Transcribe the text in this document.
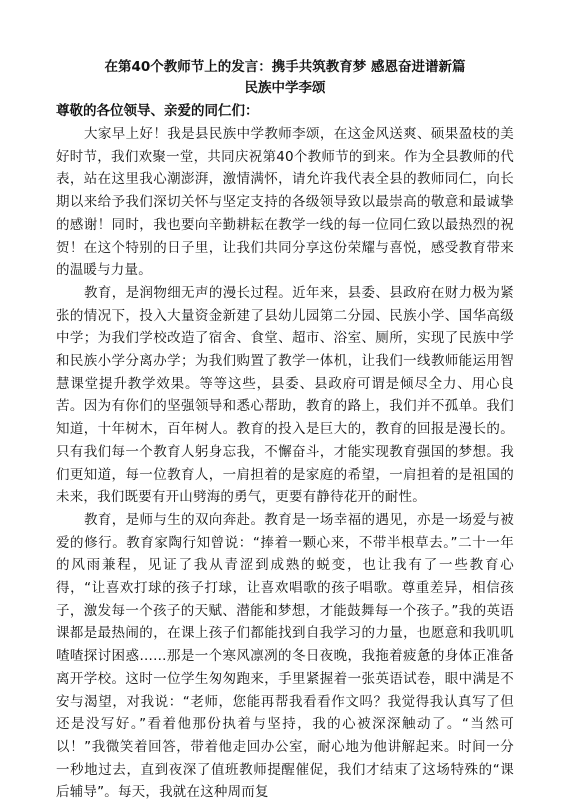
在第40个教师节上的发言：携手共筑教育梦 感恩奋进谱新篇
民族中学李颂
尊敬的各位领导、亲爱的同仁们：

大家早上好！我是县民族中学教师李颂，在这金风送爽、硕果盈枝的美好时节，我们欢聚一堂，共同庆祝第40个教师节的到来。作为全县教师的代表，站在这里我心潮澎湃，激情满怀，请允许我代表全县的教师同仁，向长期以来给予我们深切关怀与坚定支持的各级领导致以最崇高的敬意和最诚挚的感谢！同时，我也要向辛勤耕耘在教学一线的每一位同仁致以最热烈的祝贺！在这个特别的日子里，让我们共同分享这份荣耀与喜悦，感受教育带来的温暖与力量。

教育，是润物细无声的漫长过程。近年来，县委、县政府在财力极为紧张的情况下，投入大量资金新建了县幼儿园第二分园、民族小学、国华高级中学；为我们学校改造了宿舍、食堂、超市、浴室、厕所，实现了民族中学和民族小学分离办学；为我们购置了教学一体机，让我们一线教师能运用智慧课堂提升教学效果。等等这些，县委、县政府可谓是倾尽全力、用心良苦。因为有你们的坚强领导和悉心帮助，教育的路上，我们并不孤单。我们知道，十年树木，百年树人。教育的投入是巨大的，教育的回报是漫长的。只有我们每一个教育人躬身忘我，不懈奋斗，才能实现教育强国的梦想。我们更知道，每一位教育人，一肩担着的是家庭的希望，一肩担着的是祖国的未来，我们既要有开山劈海的勇气，更要有静待花开的耐性。

教育，是师与生的双向奔赴。教育是一场幸福的遇见，亦是一场爱与被爱的修行。教育家陶行知曾说：“捧着一颗心来，不带半根草去。”二十一年的风雨兼程，见证了我从青涩到成熟的蜕变，也让我有了一些教育心得，“让喜欢打球的孩子打球，让喜欢唱歌的孩子唱歌。尊重差异，相信孩子，激发每一个孩子的天赋、潜能和梦想，才能鼓舞每一个孩子。”我的英语课都是最热闹的，在课上孩子们都能找到自我学习的力量，也愿意和我叽叽喳喳探讨困惑……那是一个寒风凛冽的冬日夜晚，我拖着疲惫的身体正准备离开学校。这时一位学生匆匆跑来，手里紧握着一张英语试卷，眼中满是不安与渴望，对我说：“老师，您能再帮我看看作文吗？我觉得我认真写了但还是没写好。”看着他那份执着与坚持，我的心被深深触动了。“当然可以！”我微笑着回答，带着他走回办公室，耐心地为他讲解起来。时间一分一秒地过去，直到夜深了值班教师提醒催促，我们才结束了这场特殊的“课后辅导”。每天，我就在这种周而复
